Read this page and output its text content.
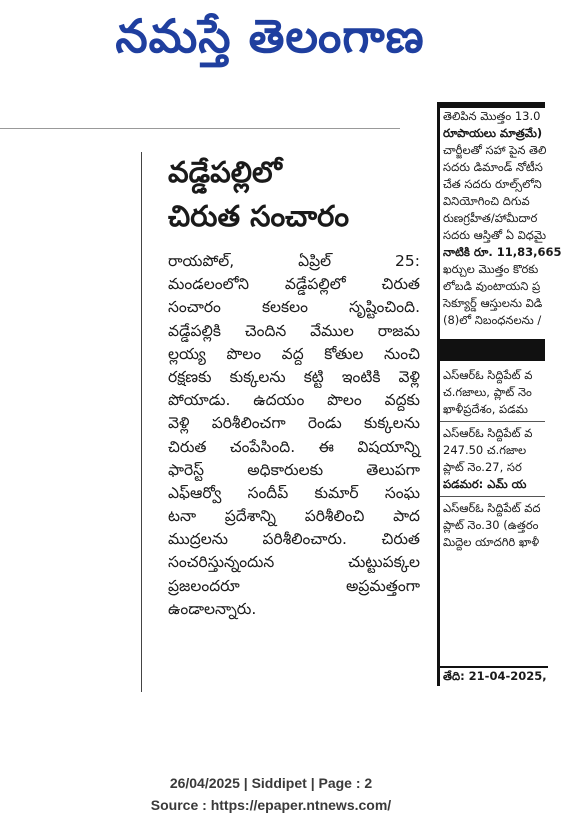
నమస్తే తెలంగాణ
వడ్డేపల్లిలో
చిరుత సంచారం
రాయపోల్, ఏప్రిల్ 25:
మండలంలోని వడ్డేపల్లిలో చిరుత
సంచారం కలకలం సృష్టించింది.
వడ్డేపల్లికి చెందిన వేముల రాజమ
ల్లయ్య పొలం వద్ద కోతుల నుంచి
రక్షణకు కుక్కలను కట్టి ఇంటికి వెళ్లి
పోయాడు. ఉదయం పొలం వద్దకు
వెళ్లి పరిశీలించగా రెండు కుక్కలను
చిరుత చంపేసింది. ఈ విషయాన్ని
ఫారెస్ట్ అధికారులకు తెలుపగా
ఎఫ్‌ఆర్వో సందీప్ కుమార్ సంఘ
టనా ప్రదేశాన్ని పరిశీలించి పాద
ముద్రలను పరిశీలించారు. చిరుత
సంచరిస్తున్నందున చుట్టుపక్కల
ప్రజలందరూ అప్రమత్తంగా
ఉండాలన్నారు.
తెలిపిన మొత్తం 13.0
రూపాయలు మాత్రమే)
చార్జీలతో సహా పైన తెలి
సదరు డిమాండ్ నోటీస
చేత సదరు రూల్స్‌లోని
వినియోగించి దిగువ
రుణగ్రహీత/హామీదార
సదరు ఆస్తితో ఏ విధమై
నాటికి రూ. 11,83,665
ఖర్చుల మొత్తం కొరకు
లోబడి వుంటాయని ప్ర
సెక్యూర్డ్ ఆస్తులను విడి
(8)లో నిబంధనలను /
ఎస్‌ఆర్‌ఓ సిద్దిపేట్ వ
చ.గజాలు, ప్లాట్ నెం
ఖాళీప్రదేశం, పడమ
ఎస్‌ఆర్‌ఓ సిద్దిపేట్ వ
247.50 చ.గజాల
ప్లాట్ నెం.27, సర
పడమర: ఎమ్ య
ఎస్‌ఆర్‌ఓ సిద్దిపేట్ వద
ప్లాట్ నెం.30 (ఉత్తరం
మిద్దెల యాదగిరి ఖాళీ
తేది: 21-04-2025,
26/04/2025 | Siddipet | Page : 2
Source : https://epaper.ntnews.com/
